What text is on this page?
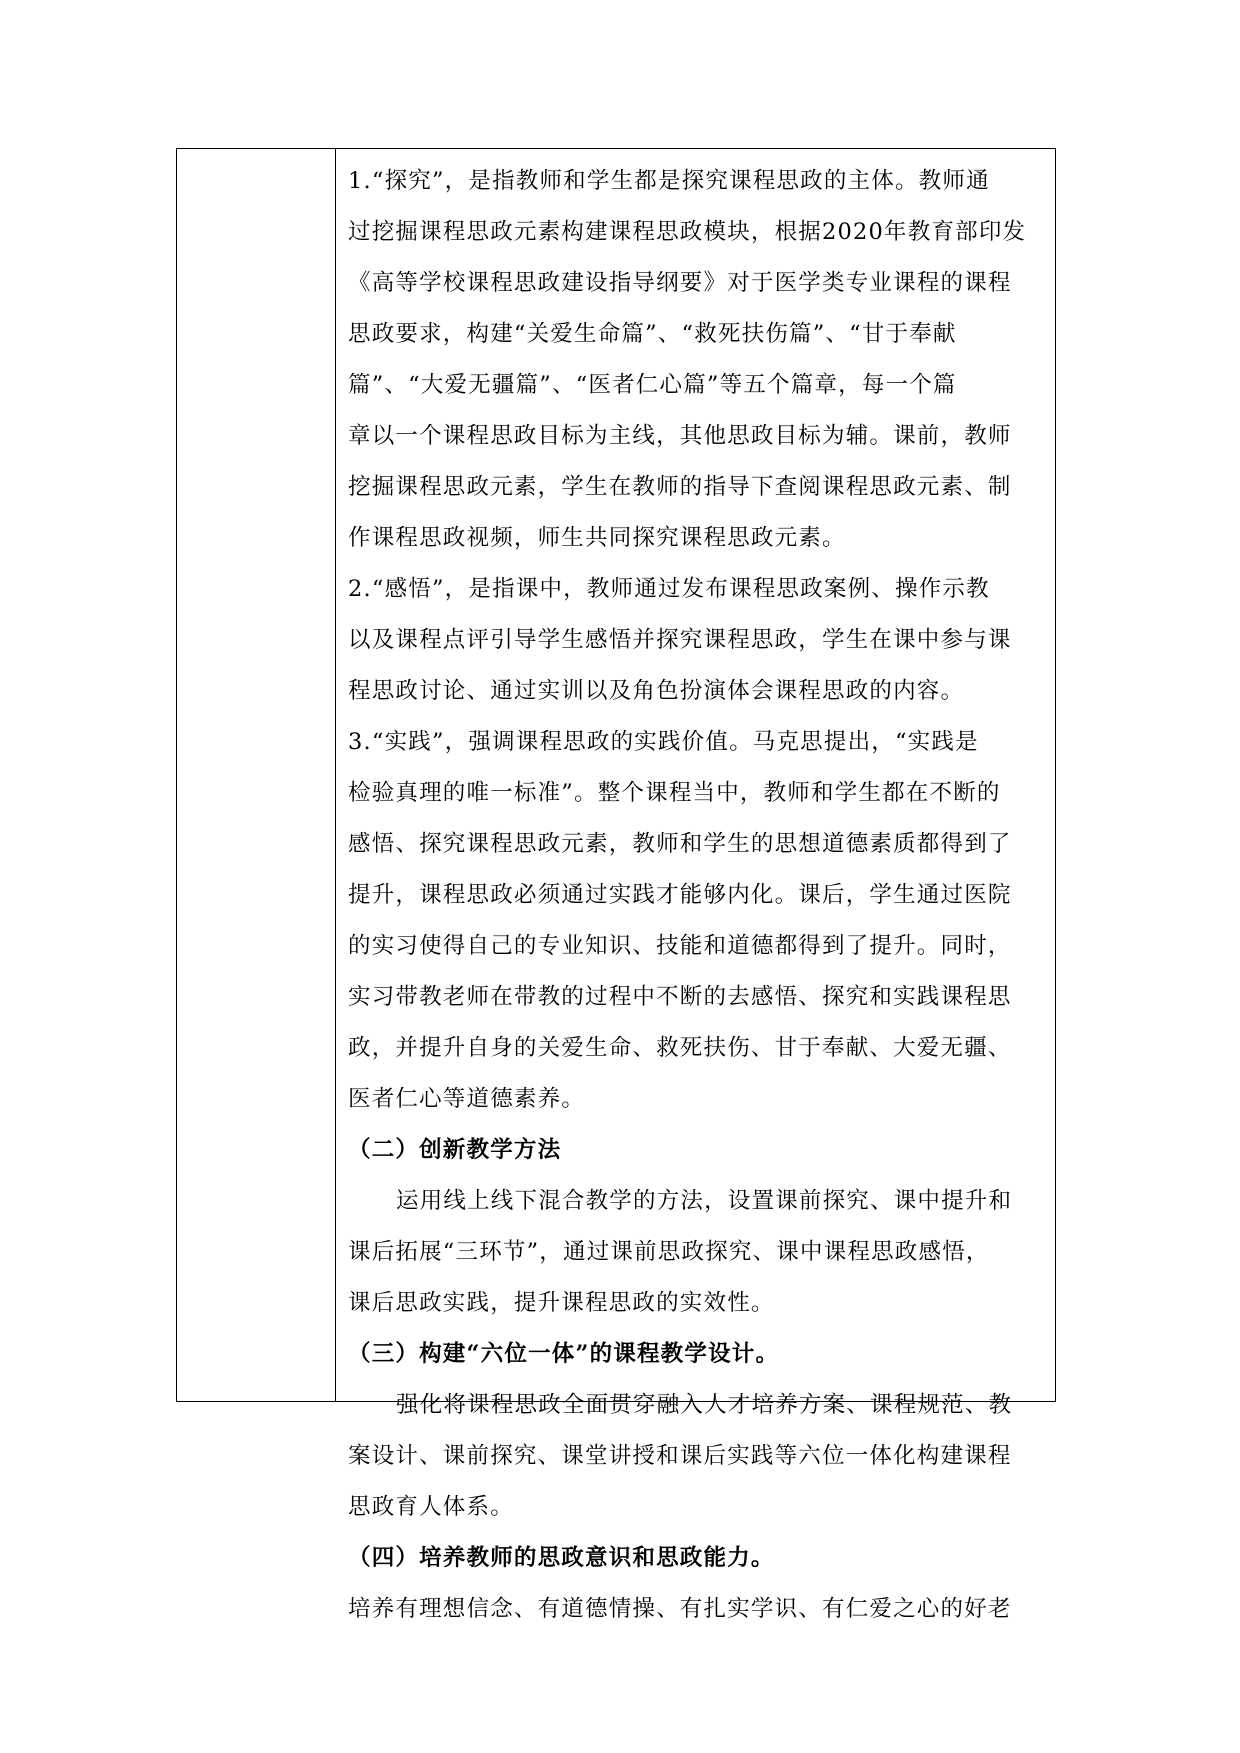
1.“探究”，是指教师和学生都是探究课程思政的主体。教师通
过挖掘课程思政元素构建课程思政模块，根据2020年教育部印发
《高等学校课程思政建设指导纲要》对于医学类专业课程的课程
思政要求，构建“关爱生命篇”、“救死扶伤篇”、“甘于奉献
篇”、“大爱无疆篇”、“医者仁心篇”等五个篇章，每一个篇
章以一个课程思政目标为主线，其他思政目标为辅。课前，教师
挖掘课程思政元素，学生在教师的指导下查阅课程思政元素、制
作课程思政视频，师生共同探究课程思政元素。
2.“感悟”，是指课中，教师通过发布课程思政案例、操作示教
以及课程点评引导学生感悟并探究课程思政，学生在课中参与课
程思政讨论、通过实训以及角色扮演体会课程思政的内容。
3.“实践”，强调课程思政的实践价值。马克思提出，“实践是
检验真理的唯一标准”。整个课程当中，教师和学生都在不断的
感悟、探究课程思政元素，教师和学生的思想道德素质都得到了
提升，课程思政必须通过实践才能够内化。课后，学生通过医院
的实习使得自己的专业知识、技能和道德都得到了提升。同时，
实习带教老师在带教的过程中不断的去感悟、探究和实践课程思
政，并提升自身的关爱生命、救死扶伤、甘于奉献、大爱无疆、
医者仁心等道德素养。
（二）创新教学方法
运用线上线下混合教学的方法，设置课前探究、课中提升和
课后拓展“三环节”，通过课前思政探究、课中课程思政感悟，
课后思政实践，提升课程思政的实效性。
（三）构建“六位一体”的课程教学设计。
强化将课程思政全面贯穿融入人才培养方案、课程规范、教
案设计、课前探究、课堂讲授和课后实践等六位一体化构建课程
思政育人体系。
（四）培养教师的思政意识和思政能力。
培养有理想信念、有道德情操、有扎实学识、有仁爱之心的好老
